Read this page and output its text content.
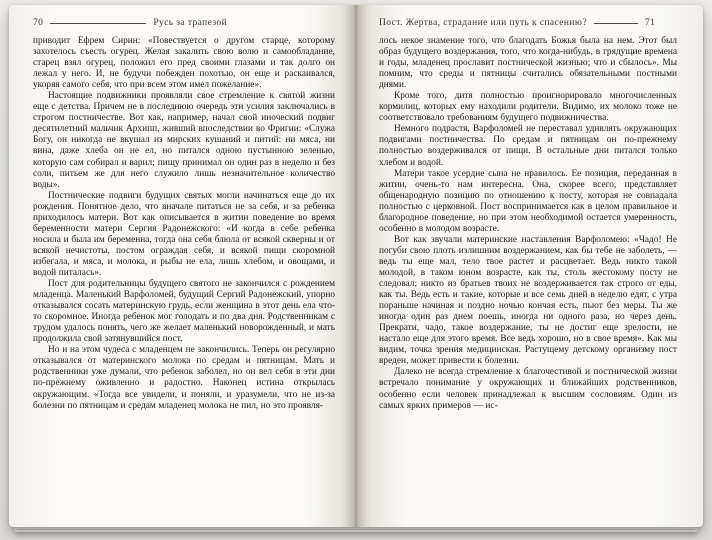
70	Русь за трапезой

приводит Ефрем Сирин: «Повествуется о другом старце, которому захотелось съесть огурец. Желая закалить свою волю и самообладание, старец взял огурец, положил его пред своими глазами и так долго он лежал у него. И, не будучи побежден похотью, он еще и раскаивался, укоряя самого себя, что при всем этом имел пожелание».

Настоящие подвижники проявляли свое стремление к святой жизни еще с детства. Причем не в последнюю очередь эти усилия заключались в строгом постничестве. Вот как, например, начал свой иноческий подвиг десятилетний мальчик Архипп, живший впоследствии во Фригии: «Служа Богу, он никогда не вкушал из мирских кушаний и питий: ни мяса, ни вина, даже хлеба он не ел, но питался одною пустынною зеленью, которую сам собирал и варил; пищу принимал он один раз в неделю и без соли, питьем же для него служило лишь незначительное количество воды».

Постнические подвиги будущих святых могли начинаться еще до их рождения. Понятное дело, что вначале питаться не за себя, и за ребенка приходилось матери. Вот как описывается в житии поведение во время беременности матери Сергия Радонежского: «И когда в себе ребенка носила и была им беременна, тогда она себя блюла от всякой скверны и от всякой нечистоты, постом ограждая себя, и всякой пищи скоромной избегала, и мяса, и молока, и рыбы не ела, лишь хлебом, и овощами, и водой питалась».

Пост для родительницы будущего святого не закончился с рождением младенца. Маленький Варфоломей, будущий Сергий Радонежский, упорно отказывался сосать материнскую грудь, если женщина в этот день ела что-то скоромное. Иногда ребенок мог голодать и по два дня. Родственникам с трудом удалось понять, чего же желает маленький новорожденный, и мать продолжила свой затянувшийся пост.

Но и на этом чудеса с младенцем не закончились. Теперь он регулярно отказывался от материнского молока по средам и пятницам. Мать и родственники уже думали, что ребенок заболел, но он вел себя в эти дни по-прежнему оживленно и радостно. Наконец истина открылась окружающим. «Тогда все увидели, и поняли, и уразумели, что не из-за болезни по пятницам и средам младенец молока не пил, но это проявля-

Пост. Жертва, страдание или путь к спасению?	71

лось некое знамение того, что благодать Божья была на нем. Этот был образ будущего воздержания, того, что когда-нибудь, в грядущие времена и годы, младенец прославит постнической жизнью; что и сбылось». Мы помним, что среды и пятницы считались обязательными постными днями.

Кроме того, дитя полностью проигнорировало многочисленных кормилиц, которых ему находили родители. Видимо, их молоко тоже не соответствовало требованиям будущего подвижничества.

Немного подрастя, Варфоломей не переставал удивлять окружающих подвигами постничества. По средам и пятницам он по-прежнему полностью воздерживался от пищи. В остальные дни питался только хлебом и водой.

Матери такое усердие сына не нравилось. Ее позиция, переданная в житии, очень-то нам интересна. Она, скорее всего, представляет общенародную позицию по отношению к посту, которая не совпадала полностью с церковной. Пост воспринимается как в целом правильное и благородное поведение, но при этом необходимой остается умеренность, особенно в молодом возрасте.

Вот как звучали материнские наставления Варфоломею: «Чадо! Не погуби свою плоть излишним воздержанием, как бы тебе не заболеть, — ведь ты еще мал, тело твое растет и расцветает. Ведь никто такой молодой, в таком юном возрасте, как ты, столь жестокому посту не следовал; никто из братьев твоих не воздерживается так строго от еды, как ты. Ведь есть и такие, которые и все семь дней в неделю едят, с утра пораньше начиная и поздно ночью кончая есть, пьют без меры. Ты же иногда один раз днем поешь, иногда ни одного раза, но через день. Прекрати, чадо, такое воздержание, ты не достиг еще зрелости, не настало еще для этого время. Все ведь хорошо, но в свое время». Как мы видим, точка зрения медицинская. Растущему детскому организму пост вреден, может привести к болезни.

Далеко не всегда стремление к благочестивой и постнической жизни встречало понимание у окружающих и ближайших родственников, особенно если человек принадлежал к высшим сословиям. Один из самых ярких примеров — ис-
